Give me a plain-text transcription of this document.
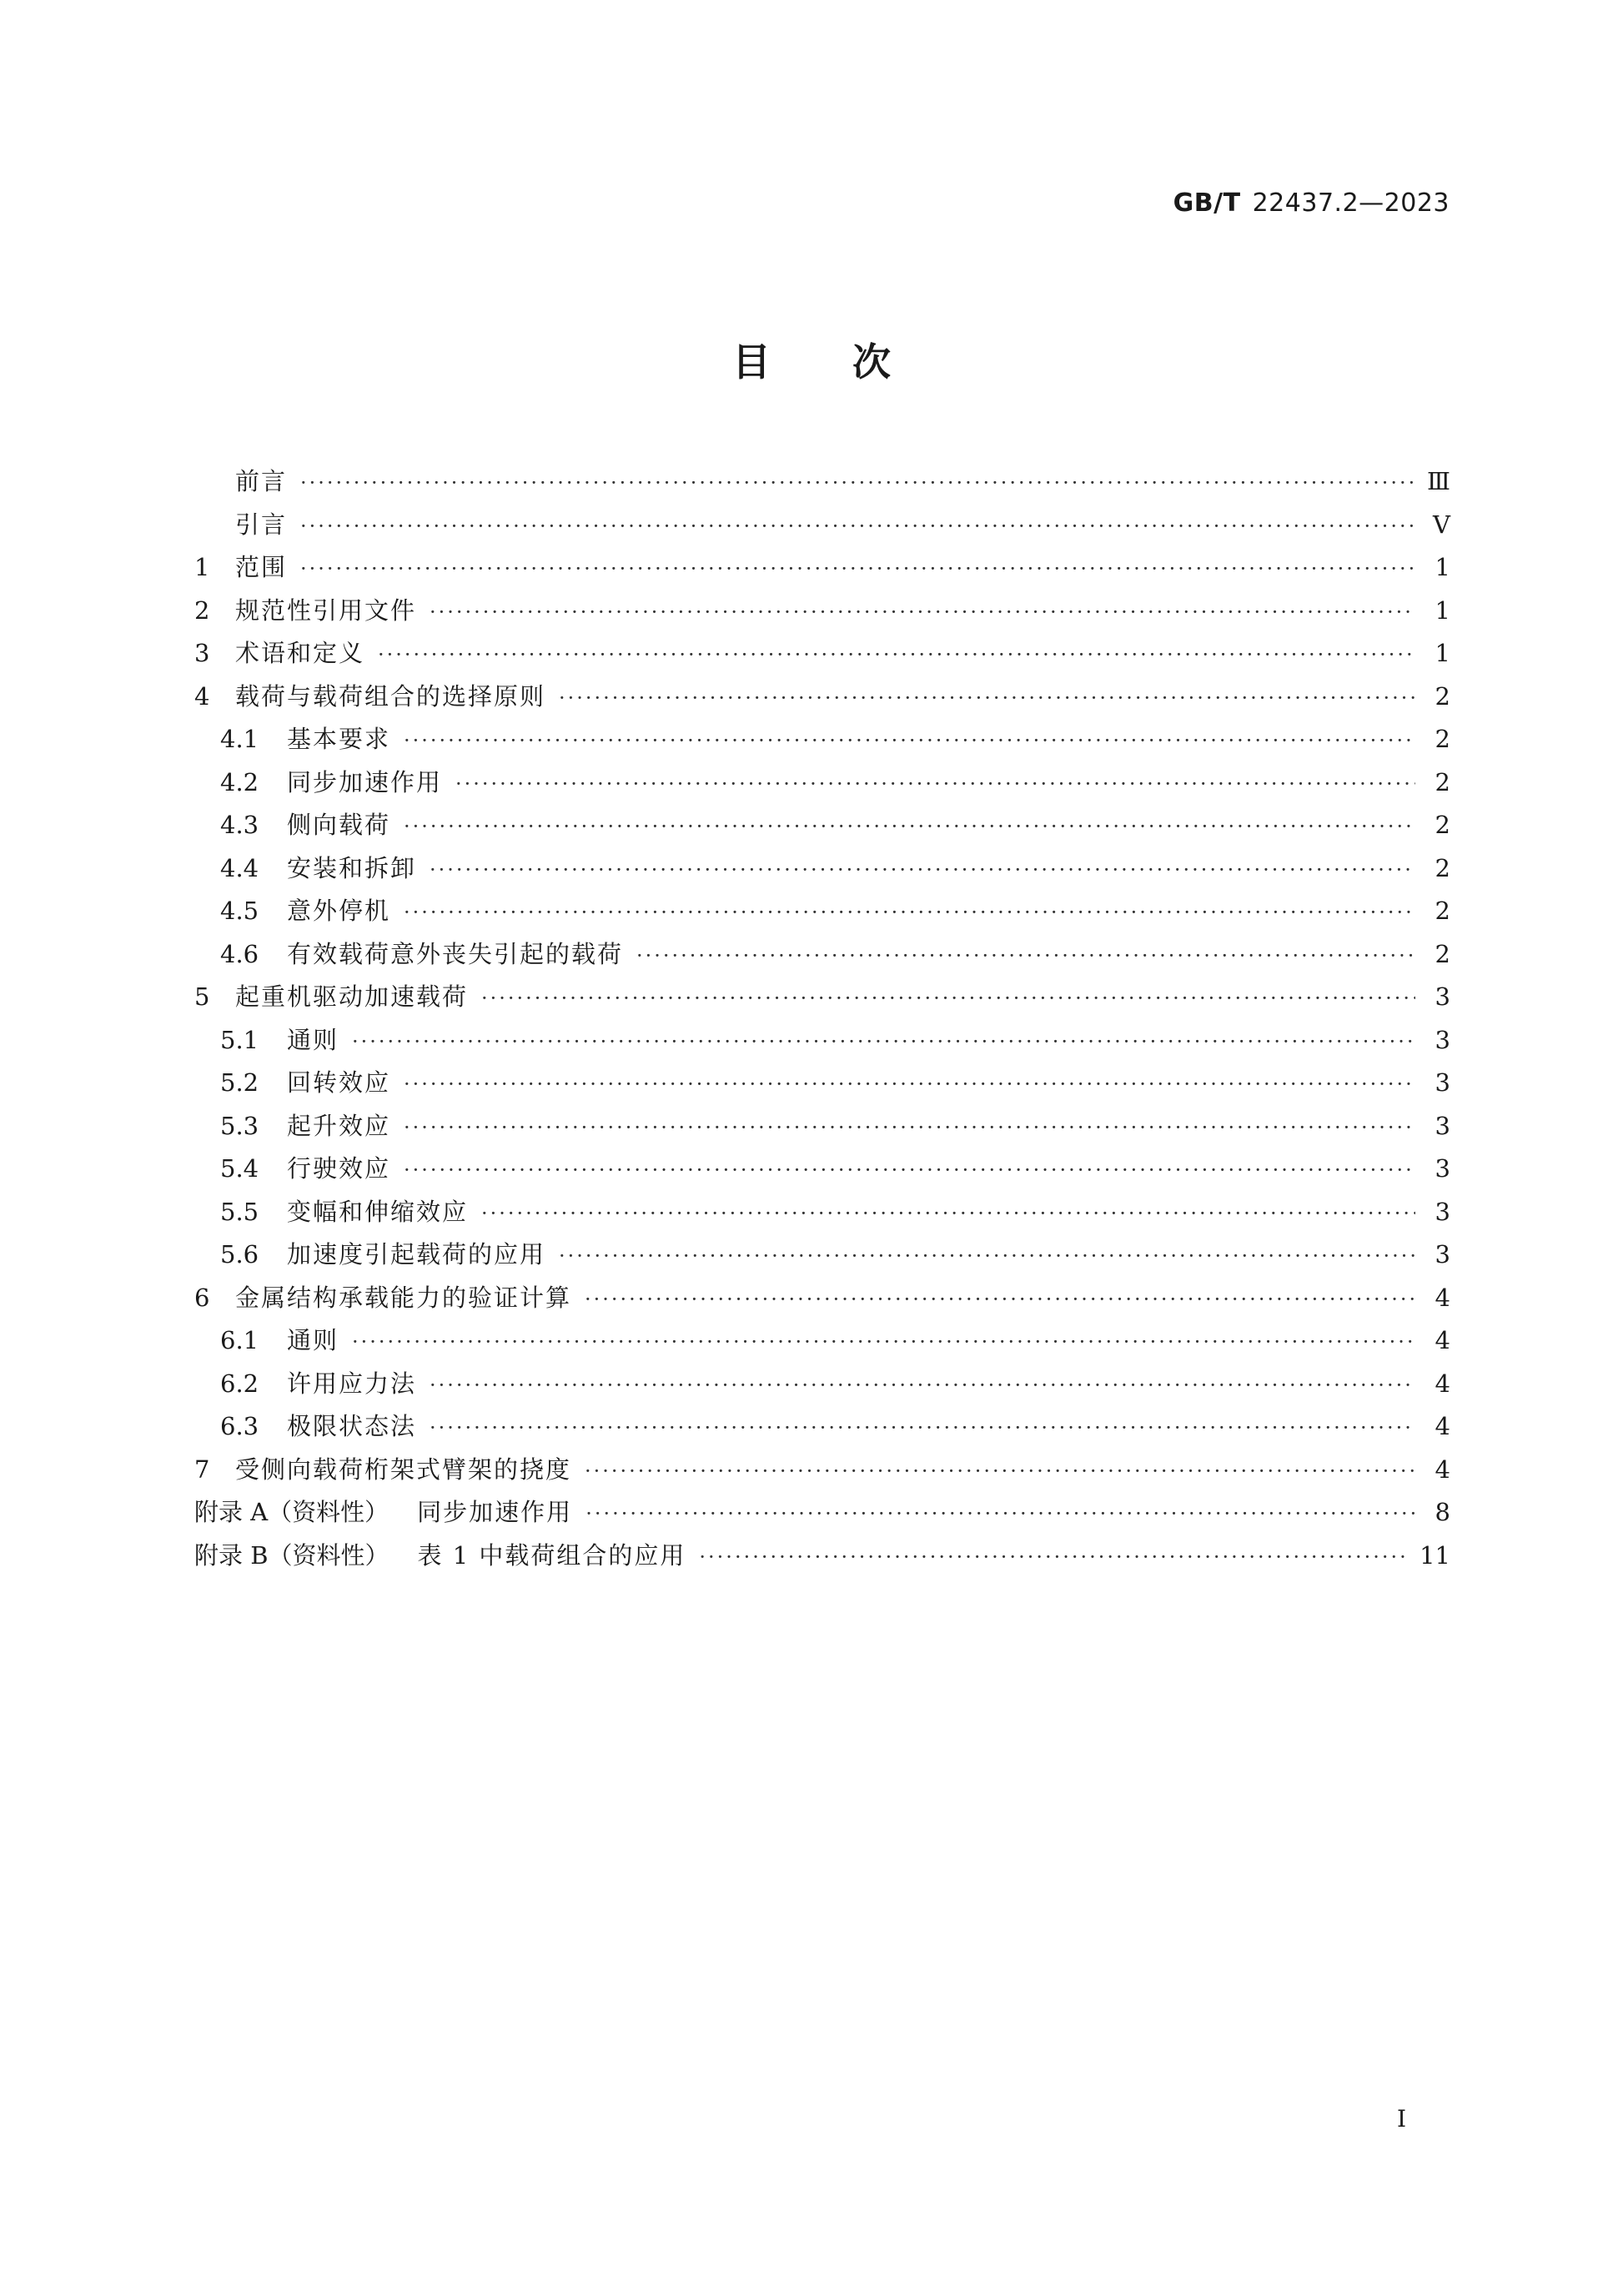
GB/T 22437.2—2023
目次
前言 ·····	Ⅲ
引言 ·····	Ⅴ
1	范围 ·····	1
2	规范性引用文件 ·····	1
3	术语和定义 ·····	1
4	载荷与载荷组合的选择原则 ·····	2
4.1	基本要求 ·····	2
4.2	同步加速作用 ·····	2
4.3	侧向载荷 ·····	2
4.4	安装和拆卸 ·····	2
4.5	意外停机 ·····	2
4.6	有效载荷意外丧失引起的载荷 ·····	2
5	起重机驱动加速载荷 ·····	3
5.1	通则 ·····	3
5.2	回转效应 ·····	3
5.3	起升效应 ·····	3
5.4	行驶效应 ·····	3
5.5	变幅和伸缩效应 ·····	3
5.6	加速度引起载荷的应用 ·····	3
6	金属结构承载能力的验证计算 ·····	4
6.1	通则 ·····	4
6.2	许用应力法 ·····	4
6.3	极限状态法 ·····	4
7	受侧向载荷桁架式臂架的挠度 ·····	4
附录 A（资料性） 同步加速作用 ·····	8
附录 B（资料性） 表 1 中载荷组合的应用 ·····	11
I
